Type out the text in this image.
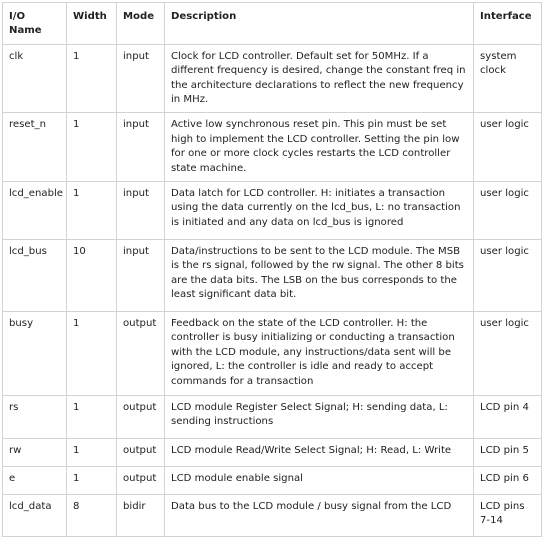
I/O Name	Width	Mode	Description	Interface
clk	1	input	Clock for LCD controller. Default set for 50MHz. If a different frequency is desired, change the constant freq in the architecture declarations to reflect the new frequency in MHz.	system clock
reset_n	1	input	Active low synchronous reset pin. This pin must be set high to implement the LCD controller. Setting the pin low for one or more clock cycles restarts the LCD controller state machine.	user logic
lcd_enable	1	input	Data latch for LCD controller. H: initiates a transaction using the data currently on the lcd_bus, L: no transaction is initiated and any data on lcd_bus is ignored	user logic
lcd_bus	10	input	Data/instructions to be sent to the LCD module. The MSB is the rs signal, followed by the rw signal. The other 8 bits are the data bits. The LSB on the bus corresponds to the least significant data bit.	user logic
busy	1	output	Feedback on the state of the LCD controller. H: the controller is busy initializing or conducting a transaction with the LCD module, any instructions/data sent will be ignored, L: the controller is idle and ready to accept commands for a transaction	user logic
rs	1	output	LCD module Register Select Signal; H: sending data, L: sending instructions	LCD pin 4
rw	1	output	LCD module Read/Write Select Signal; H: Read, L: Write	LCD pin 5
e	1	output	LCD module enable signal	LCD pin 6
lcd_data	8	bidir	Data bus to the LCD module / busy signal from the LCD	LCD pins 7-14
